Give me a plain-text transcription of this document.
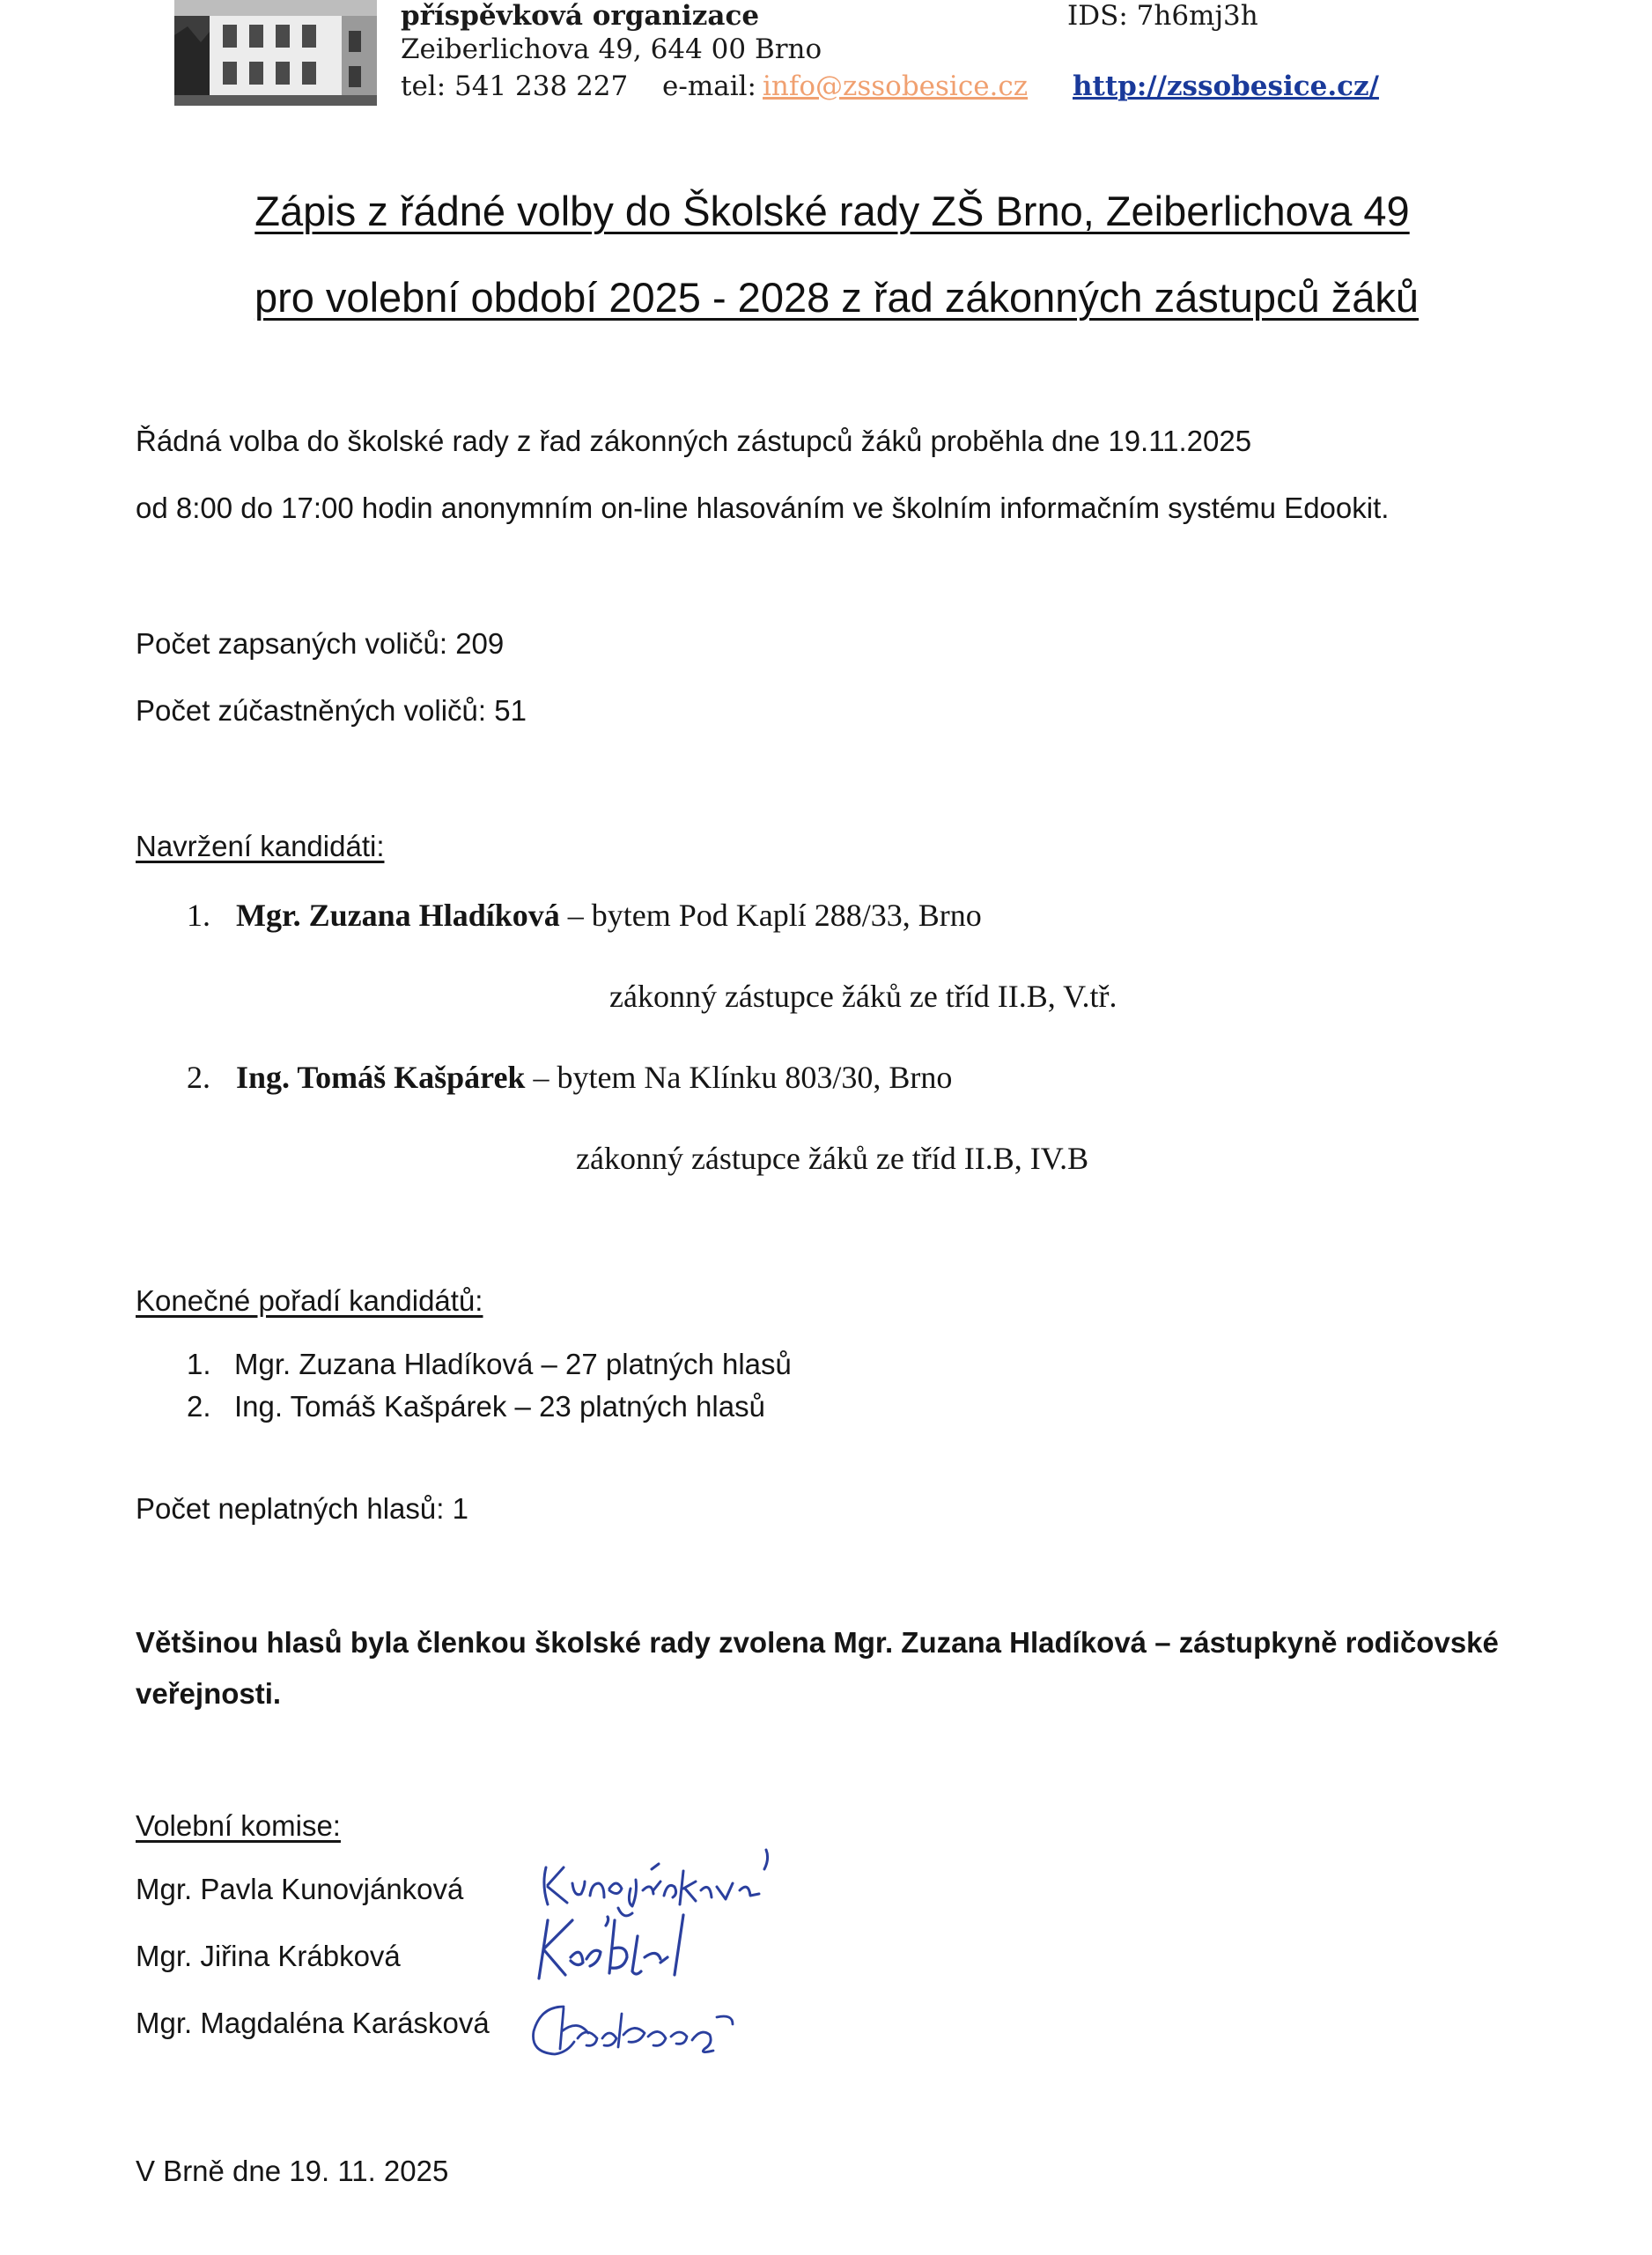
příspěvková organizace
Zeiberlichova 49, 644 00 Brno
tel: 541 238 227 e-mail: info@zssobesice.cz
IDS: 7h6mj3h
http://zssobesice.cz/
Zápis z řádné volby do Školské rady ZŠ Brno, Zeiberlichova 49
pro volební období 2025 - 2028 z řad zákonných zástupců žáků
Řádná volba do školské rady z řad zákonných zástupců žáků proběhla dne 19.11.2025
od 8:00 do 17:00 hodin anonymním on-line hlasováním ve školním informačním systému Edookit.
Počet zapsaných voličů: 209
Počet zúčastněných voličů: 51
Navržení kandidáti:
1. Mgr. Zuzana Hladíková – bytem Pod Kaplí 288/33, Brno
zákonný zástupce žáků ze tříd II.B, V.tř.
2. Ing. Tomáš Kašpárek – bytem Na Klínku 803/30, Brno
zákonný zástupce žáků ze tříd II.B, IV.B
Konečné pořadí kandidátů:
1. Mgr. Zuzana Hladíková – 27 platných hlasů
2. Ing. Tomáš Kašpárek – 23 platných hlasů
Počet neplatných hlasů: 1
Většinou hlasů byla členkou školské rady zvolena Mgr. Zuzana Hladíková – zástupkyně rodičovské
veřejnosti.
Volební komise:
Mgr. Pavla Kunovjánková
Mgr. Jiřina Krábková
Mgr. Magdaléna Karásková
V Brně dne 19. 11. 2025
